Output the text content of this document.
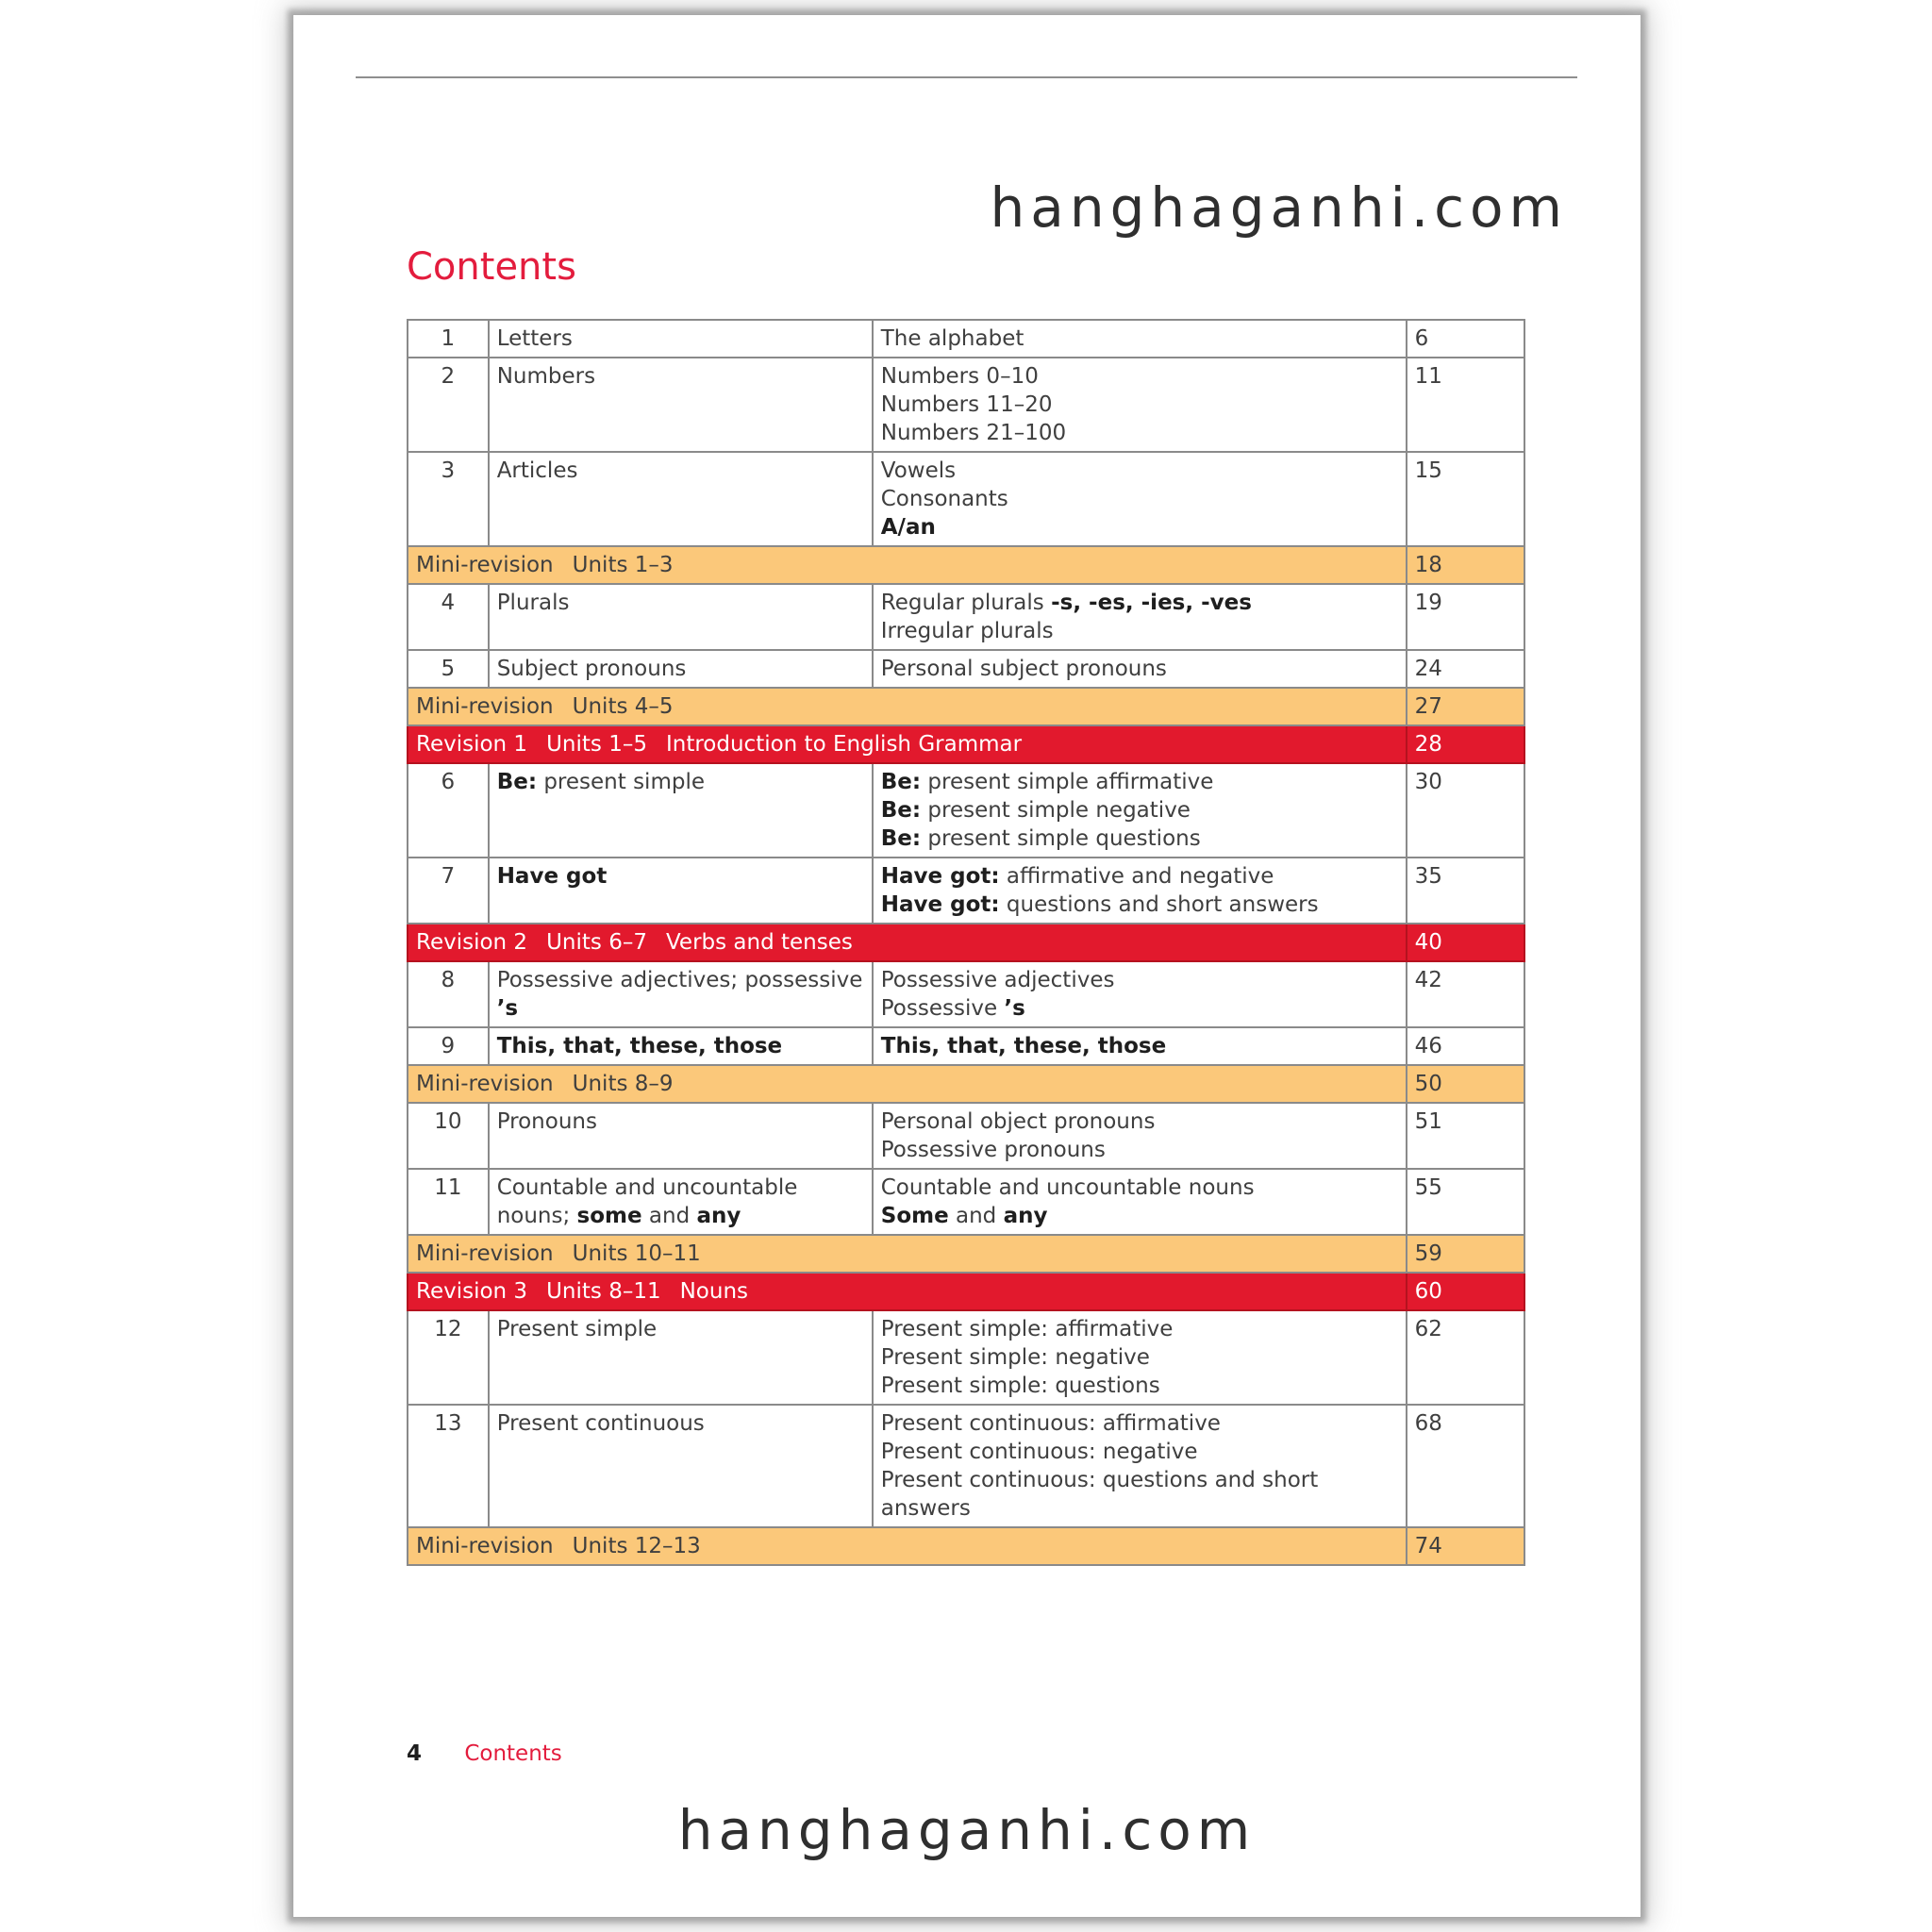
hanghaganhi.com
Contents
1	Letters	The alphabet	6
2	Numbers	Numbers 0–10
Numbers 11–20
Numbers 21–100	11
3	Articles	Vowels
Consonants
A/an	15
Mini-revision Units 1–3			18
4	Plurals	Regular plurals -s, -es, -ies, -ves
Irregular plurals	19
5	Subject pronouns	Personal subject pronouns	24
Mini-revision Units 4–5			27
Revision 1 Units 1–5 Introduction to English Grammar			28
6	Be: present simple	Be: present simple affirmative
Be: present simple negative
Be: present simple questions	30
7	Have got	Have got: affirmative and negative
Have got: questions and short answers	35
Revision 2 Units 6–7 Verbs and tenses			40
8	Possessive adjectives; possessive ’s	Possessive adjectives
Possessive ’s	42
9	This, that, these, those	This, that, these, those	46
Mini-revision Units 8–9			50
10	Pronouns	Personal object pronouns
Possessive pronouns	51
11	Countable and uncountable nouns; some and any	Countable and uncountable nouns
Some and any	55
Mini-revision Units 10–11			59
Revision 3 Units 8–11 Nouns			60
12	Present simple	Present simple: affirmative
Present simple: negative
Present simple: questions	62
13	Present continuous	Present continuous: affirmative
Present continuous: negative
Present continuous: questions and short answers	68
Mini-revision Units 12–13			74
4 Contents
hanghaganhi.com
